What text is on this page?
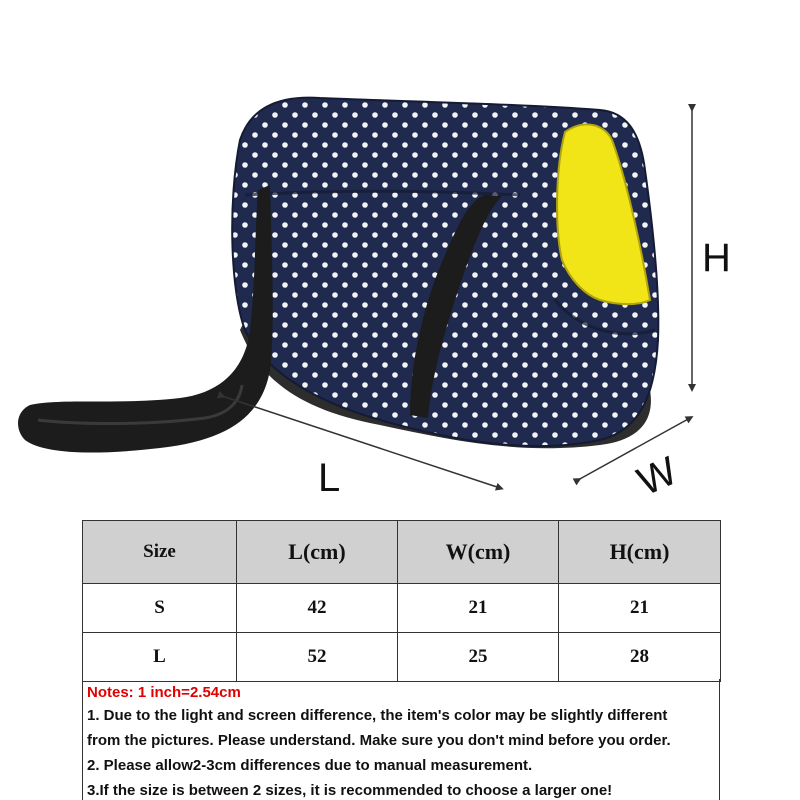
H
L	W
Size	L(cm)	W(cm)	H(cm)
S	42	21	21
L	52	25	28

Notes: 1 inch=2.54cm

1. Due to the light and screen difference, the item's color may be slightly different

from the pictures. Please understand. Make sure you don't mind before you order.

2. Please allow2-3cm differences due to manual measurement.

3.If the size is between 2 sizes, it is recommended to choose a larger one!
